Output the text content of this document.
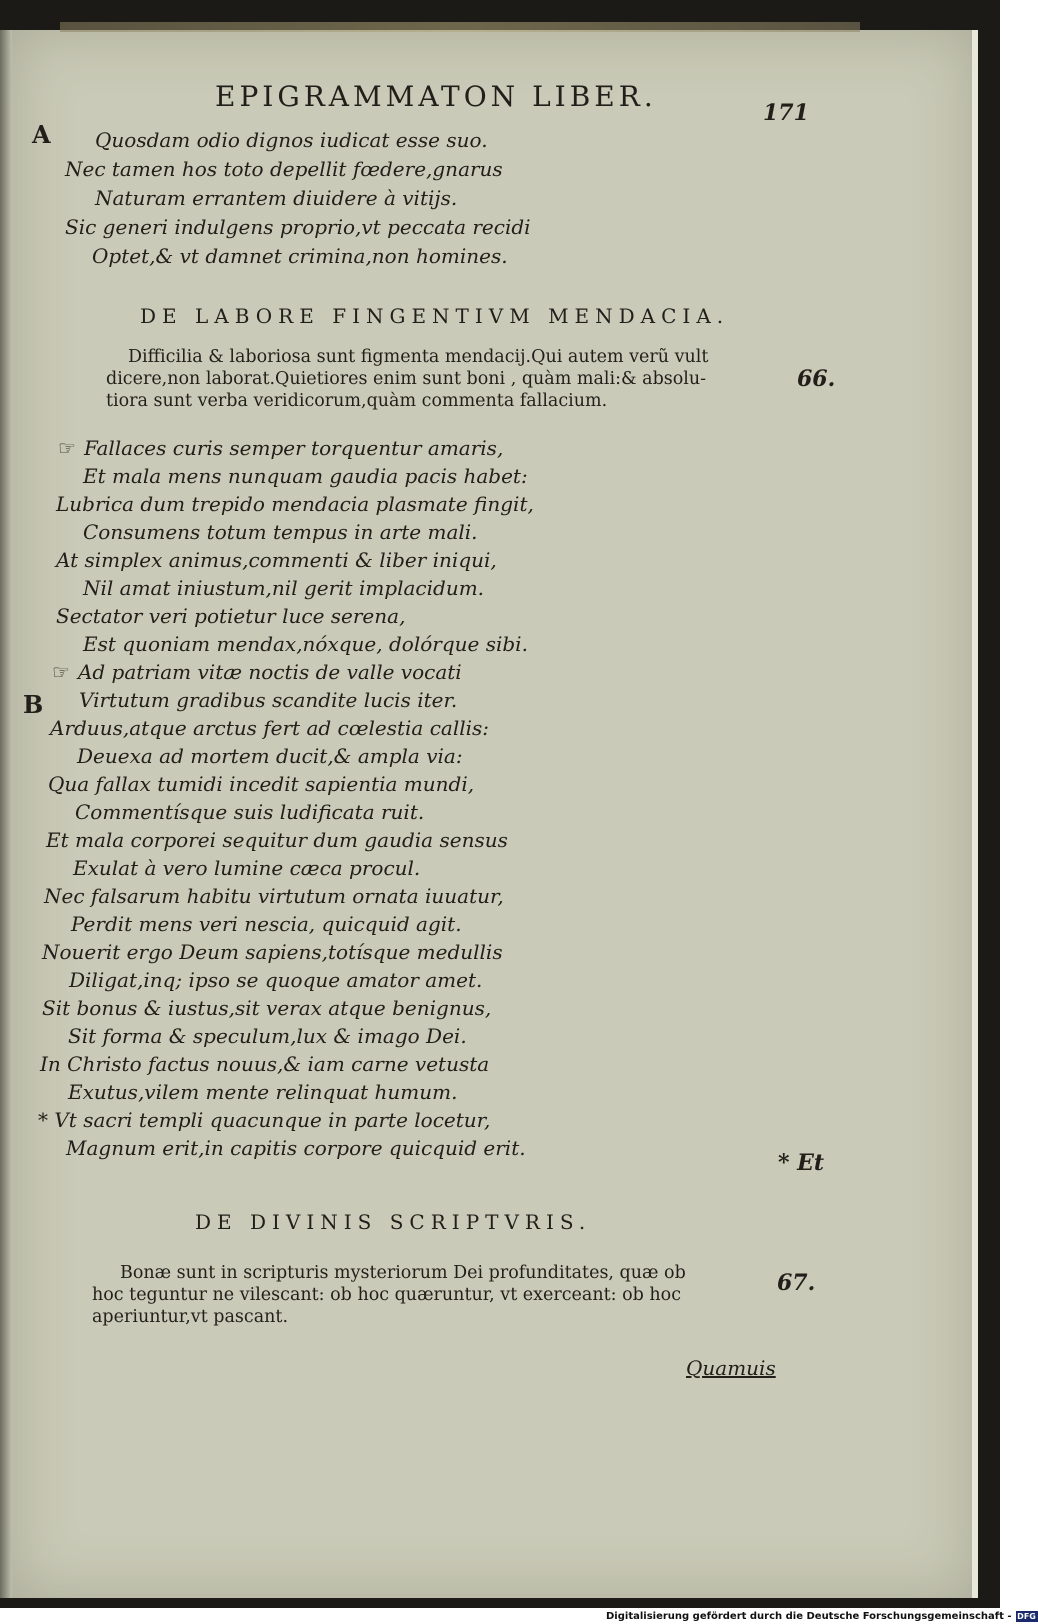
EPIGRAMMATON LIBER.	171
A
B
Quosdam odio dignos iudicat esse suo.
Nec tamen hos toto depellit fœdere,gnarus
Naturam errantem diuidere à vitijs.
Sic generi indulgens proprio,vt peccata recidi
Optet,& vt damnet crimina,non homines.
DE LABORE FINGENTIVM MENDACIA.
Difficilia & laboriosa sunt figmenta mendacij.Qui autem verũ vult
dicere,non laborat.Quietiores enim sunt boni , quàm mali:& absolu-
tiora sunt verba veridicorum,quàm commenta fallacium.
66.
☞ Fallaces curis semper torquentur amaris,
Et mala mens nunquam gaudia pacis habet:
Lubrica dum trepido mendacia plasmate fingit,
Consumens totum tempus in arte mali.
At simplex animus,commenti & liber iniqui,
Nil amat iniustum,nil gerit implacidum.
Sectator veri potietur luce serena,
Est quoniam mendax,nóxque, dolórque sibi.
☞ Ad patriam vitæ noctis de valle vocati
Virtutum gradibus scandite lucis iter.
Arduus,atque arctus fert ad cœlestia callis:
Deuexa ad mortem ducit,& ampla via:
Qua fallax tumidi incedit sapientia mundi,
Commentísque suis ludificata ruit.
Et mala corporei sequitur dum gaudia sensus
Exulat à vero lumine cæca procul.
Nec falsarum habitu virtutum ornata iuuatur,
Perdit mens veri nescia, quicquid agit.
Nouerit ergo Deum sapiens,totísque medullis
Diligat,inq; ipso se quoque amator amet.
Sit bonus & iustus,sit verax atque benignus,
Sit forma & speculum,lux & imago Dei.
In Christo factus nouus,& iam carne vetusta
Exutus,vilem mente relinquat humum.
* Vt sacri templi quacunque in parte locetur,
Magnum erit,in capitis corpore quicquid erit.
* Et
DE DIVINIS SCRIPTVRIS.
Bonæ sunt in scripturis mysteriorum Dei profunditates, quæ ob
hoc teguntur ne vilescant: ob hoc quæruntur, vt exerceant: ob hoc
aperiuntur,vt pascant.
67.
Quamuis
Digitalisierung gefördert durch die Deutsche Forschungsgemeinschaft - DFG
